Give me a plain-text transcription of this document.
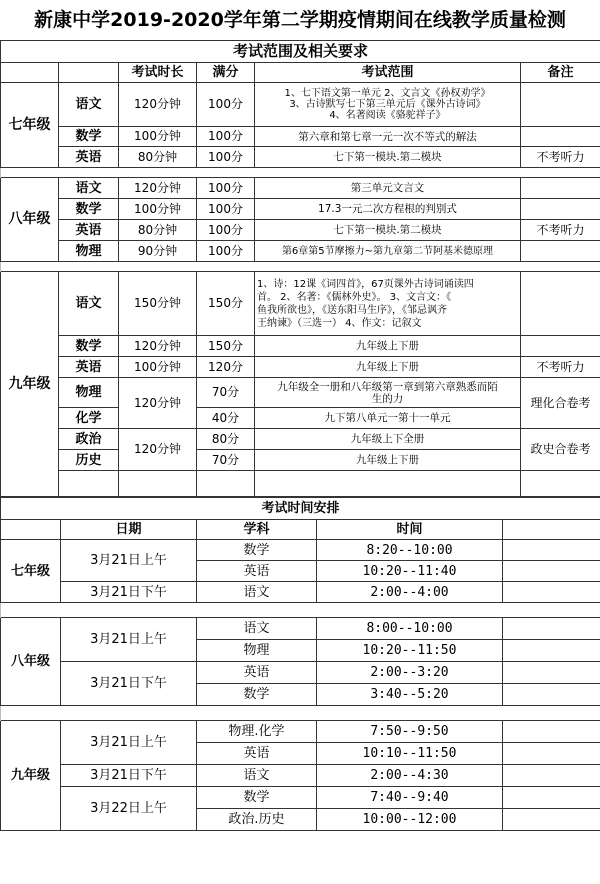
新康中学2019-2020学年第二学期疫情期间在线教学质量检测
考试范围及相关要求					
		考试时长	满分	考试范围	备注
七年级	语文	120分钟	100分	1、七下语文第一单元 2、文言文《孙权劝学》
3、古诗默写七下第三单元后《课外古诗词》
4、名著阅读《骆驼祥子》	

	数学	100分钟	100分	第六章和第七章一元一次不等式的解法	
	英语	80分钟	100分	七下第一模块.第二模块	不考听力

八年级	语文	120分钟	100分	第三单元文言文	
	数学	100分钟	100分	17.3一元二次方程根的判别式	
	英语	80分钟	100分	七下第一模块.第二模块	不考听力
	物理	90分钟	100分	第6章第5节摩擦力~第九章第二节阿基米德原理	

九年级	语文	150分钟	150分	1、诗：12课《词四首》，67页课外古诗词诵读四
首。 2、名著：《儒林外史》。 3、文言文：《
鱼我所欲也》，《送东阳马生序》，《邹忌讽齐
王纳谏》（三选一） 4、作文：记叙文	

	数学	120分钟	150分	九年级上下册	
	英语	100分钟	120分	九年级上下册	不考听力
	物理	120分钟	70分	九年级全一册和八年级第一章到第六章熟悉而陌
生的力	理化合卷考
	化学		40分	九下第八单元一第十一单元	
	政治	120分钟	80分	九年级上下全册	政史合卷考
	历史		70分	九年级上下册	

考试时间安排				
	日期	学科	时间	
七年级	3月21日上午	数学	8:20--10:00	
		英语	10:20--11:40	
	3月21日下午	语文	2:00--4:00	

八年级	3月21日上午	语文	8:00--10:00	
		物理	10:20--11:50	
	3月21日下午	英语	2:00--3:20	
		数学	3:40--5:20	

九年级	3月21日上午	物理.化学	7:50--9:50	
		英语	10:10--11:50	
	3月21日下午	语文	2:00--4:30	
	3月22日上午	数学	7:40--9:40	
		政治.历史	10:00--12:00	
